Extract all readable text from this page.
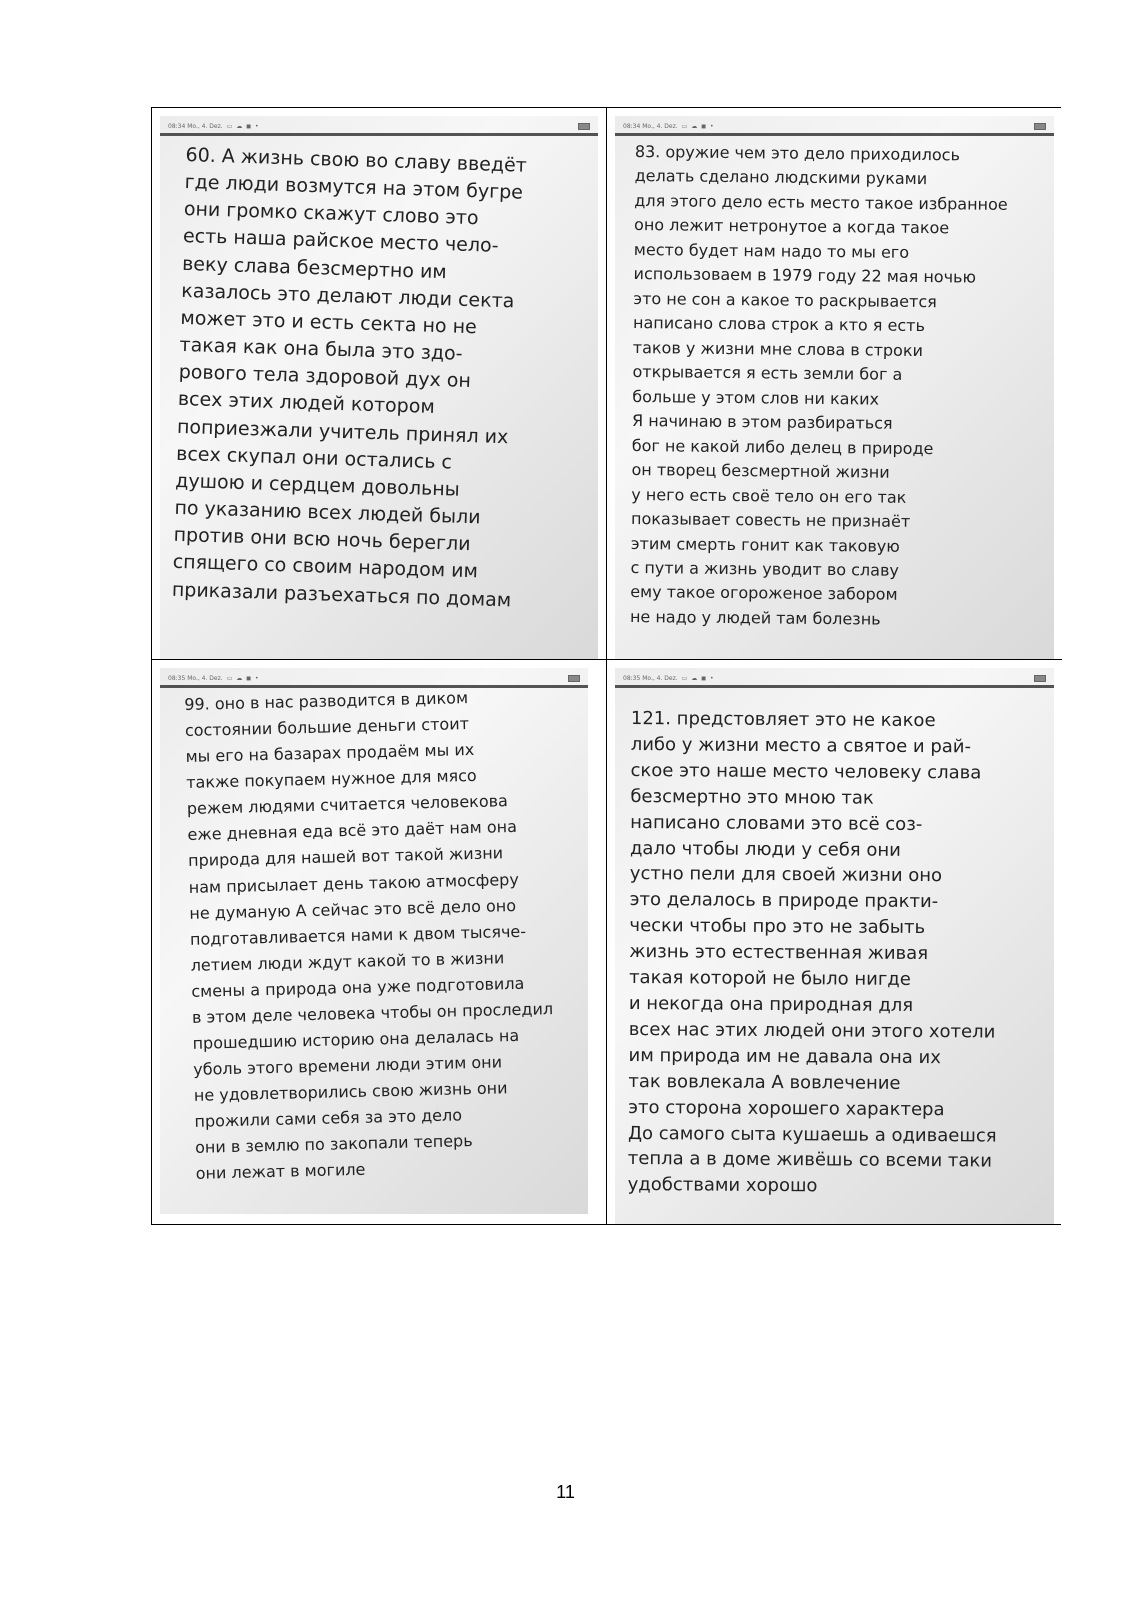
08:34 Mo., 4. Dez. ▭ ☁ ◼ •
60. А жизнь свою во славу введёт
где люди возмутся на этом бугре
они громко скажут слово это
есть наша райское место чело-
веку слава безсмертно им
казалось это делают люди секта
может это и есть секта но не
такая как она была это здо-
рового тела здоровой дух он
всех этих людей котором
поприезжали учитель принял их
всех скупал они остались с
душою и сердцем довольны
по указанию всех людей были
против они всю ночь берегли
спящего со своим народом им
приказали разъехаться по домам
08:34 Mo., 4. Dez. ▭ ☁ ◼ •
83. оружие чем это дело приходилось
делать сделано людскими руками
для этого дело есть место такое избранное
оно лежит нетронутое а когда такое
место будет нам надо то мы его
использоваем в 1979 году 22 мая ночью
это не сон а какое то раскрывается
написано слова строк а кто я есть
таков у жизни мне слова в строки
открывается я есть земли бог а
больше у этом слов ни каких
Я начинаю в этом разбираться
бог не какой либо делец в природе
он творец безсмертной жизни
у него есть своё тело он его так
показывает совесть не признаёт
этим смерть гонит как таковую
с пути а жизнь уводит во славу
ему такое огороженое забором
не надо у людей там болезнь
08:35 Mo., 4. Dez. ▭ ☁ ◼ •
99. оно в нас разводится в диком
состоянии большие деньги стоит
мы его на базарах продаём мы их
также покупаем нужное для мясо
режем людями считается человекова
еже дневная еда всё это даёт нам она
природа для нашей вот такой жизни
нам присылает день такою атмосферу
не думаную А сейчас это всё дело оно
подготавливается нами к двом тысяче-
летием люди ждут какой то в жизни
смены а природа она уже подготовила
в этом деле человека чтобы он проследил
прошедшию историю она делалась на
уболь этого времени люди этим они
не удовлетворились свою жизнь они
прожили сами себя за это дело
они в землю по закопали теперь
они лежат в могиле
08:35 Mo., 4. Dez. ▭ ☁ ◼ •
121. предстовляет это не какое
либо у жизни место а святое и рай-
ское это наше место человеку слава
безсмертно это мною так
написано словами это всё соз-
дало чтобы люди у себя они
устно пели для своей жизни оно
это делалось в природе практи-
чески чтобы про это не забыть
жизнь это естественная живая
такая которой не было нигде
и некогда она природная для
всех нас этих людей они этого хотели
им природа им не давала она их
так вовлекала А вовлечение
это сторона хорошего характера
До самого сыта кушаешь а одиваешся
тепла а в доме живёшь со всеми таки
удобствами хорошо
11
